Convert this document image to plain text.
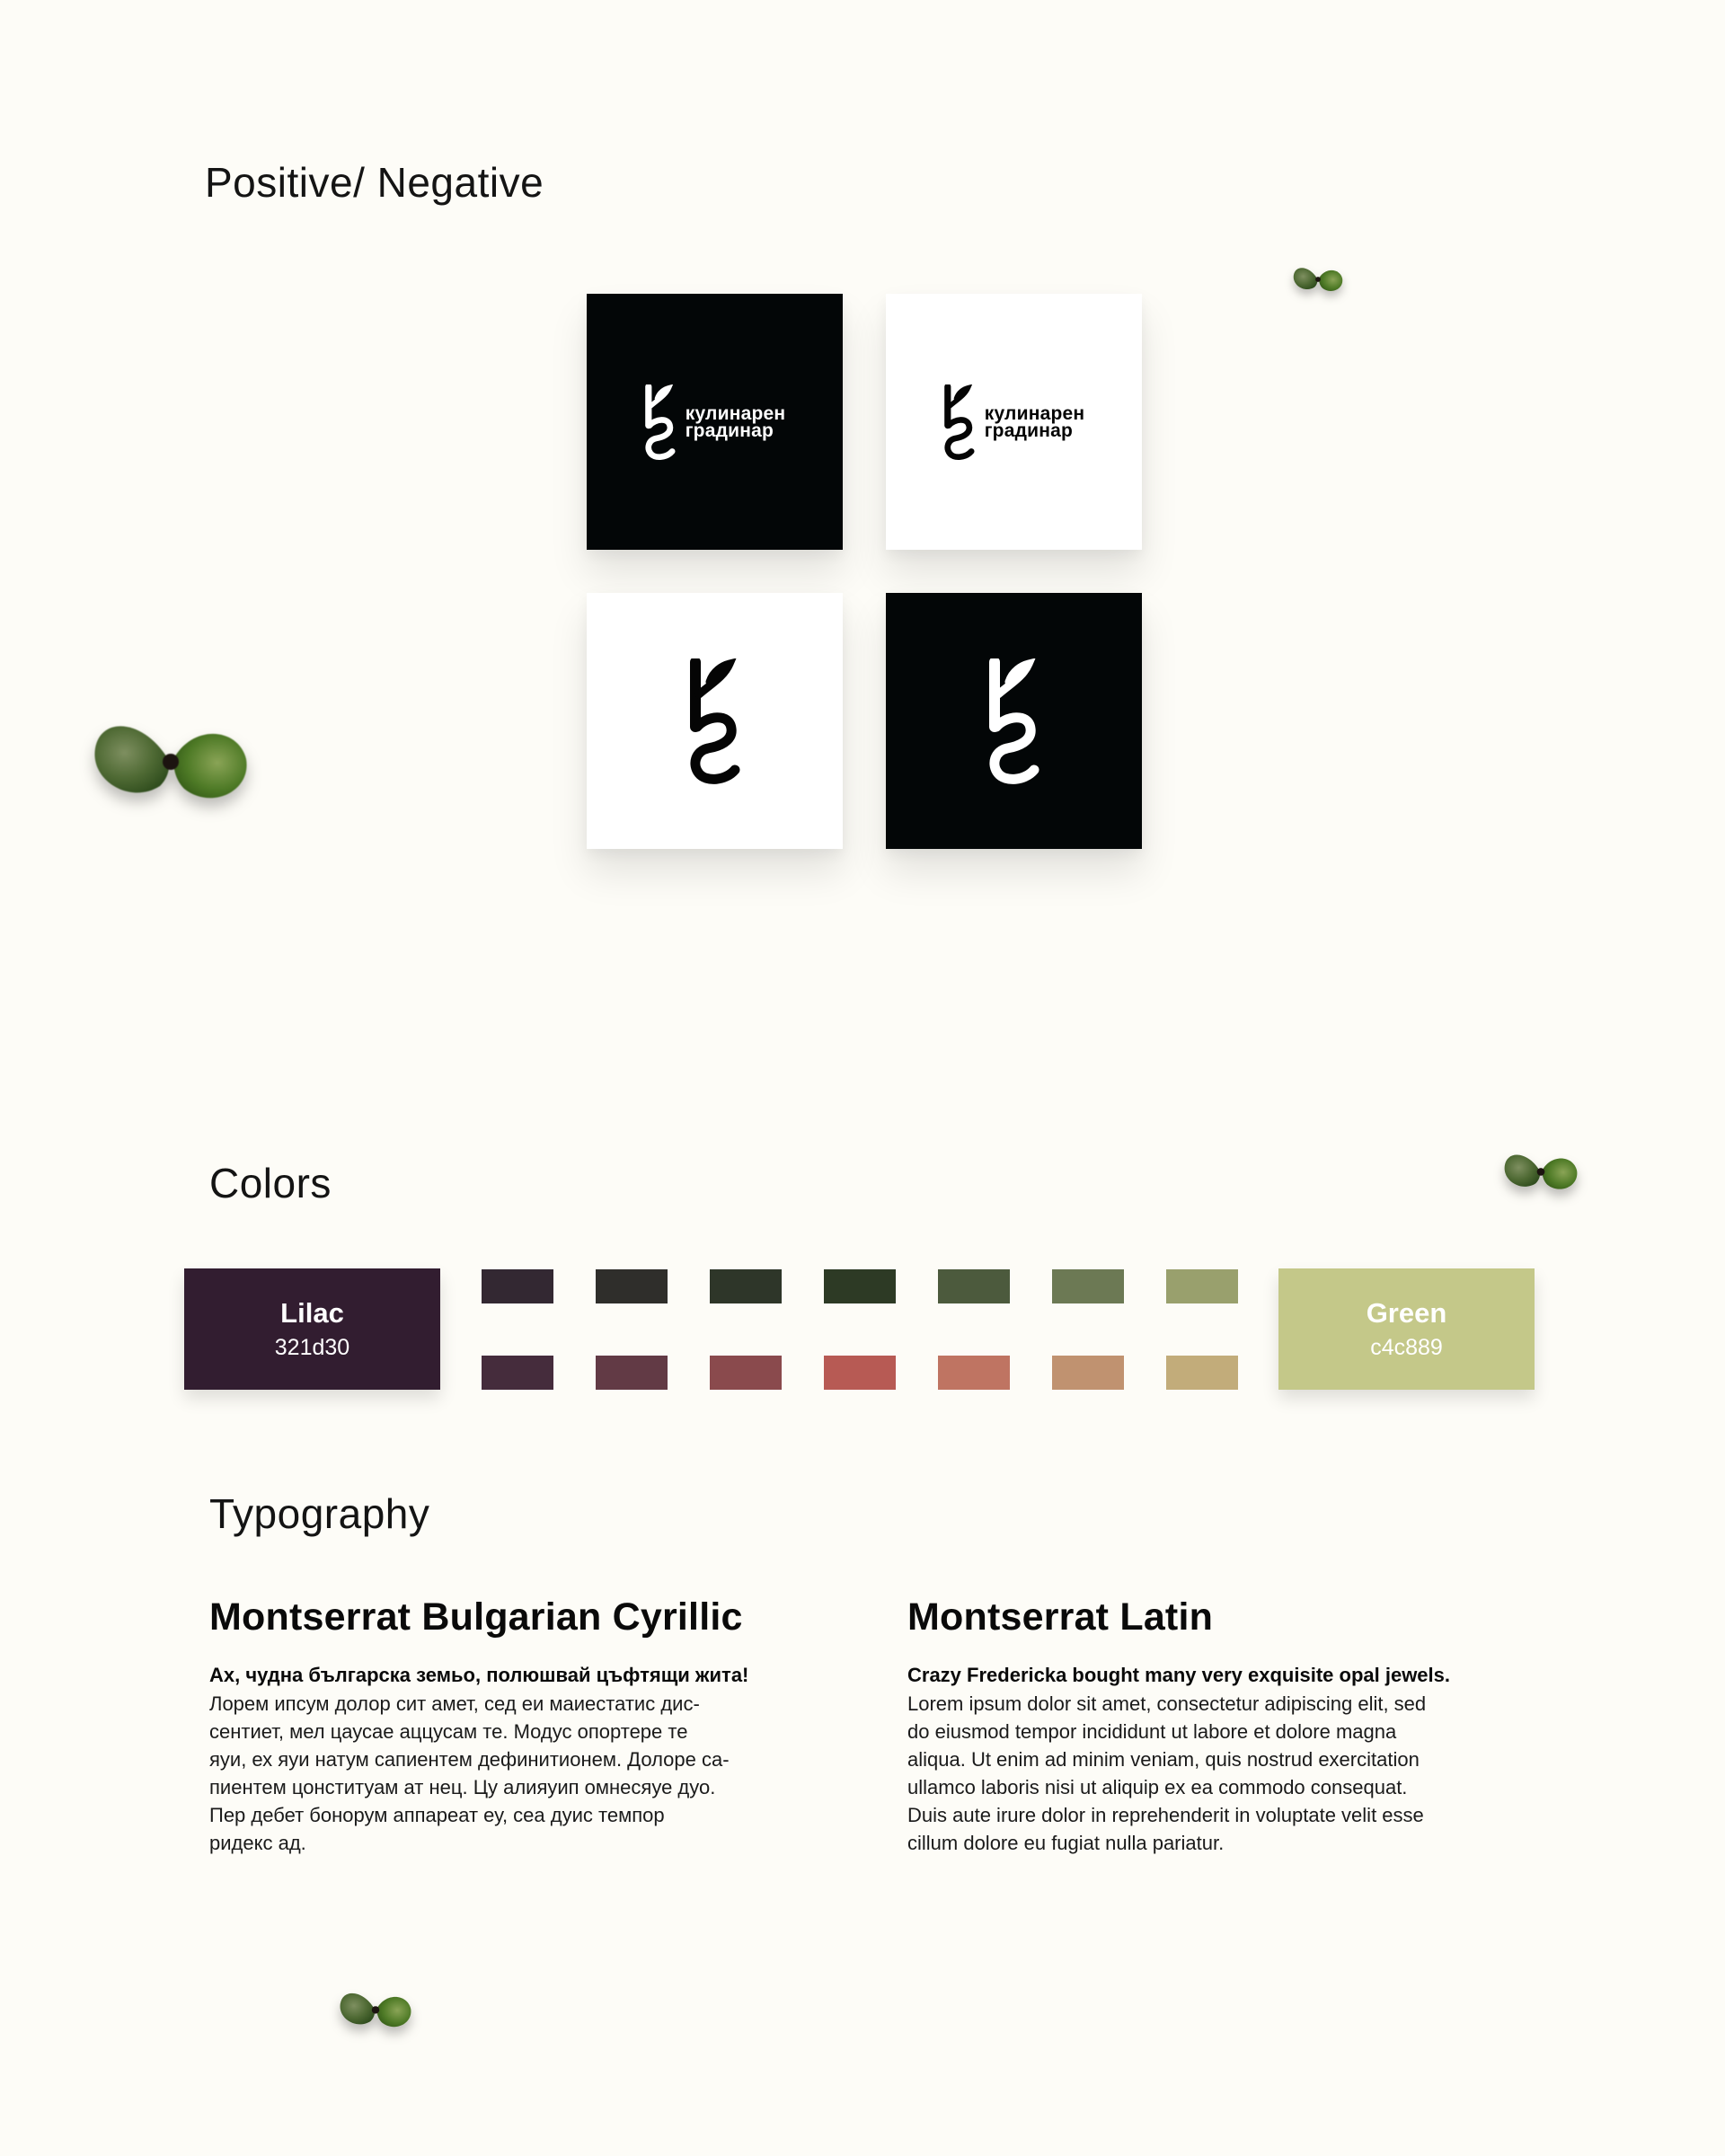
Positive/ Negative
кулинарен
градинар
кулинарен
градинар
Colors
Lilac
321d30
Green
c4c889
Typography
Montserrat Bulgarian Cyrillic
Ах, чудна българска земьо, полюшвай цъфтящи жита!
Лорем ипсум долор сит амет, сед еи маиестатис дис-
сентиет, мел цаусае аццусам те. Модус опортере те
яуи, ех яуи натум сапиентем дефинитионем. Долоре са-
пиентем цонституам ат нец. Цу алияуип омнесяуе дуо.
Пер дебет бонорум аппареат еу, сеа дуис темпор
ридекс ад.
Montserrat Latin
Crazy Fredericka bought many very exquisite opal jewels.
Lorem ipsum dolor sit amet, consectetur adipiscing elit, sed
do eiusmod tempor incididunt ut labore et dolore magna
aliqua. Ut enim ad minim veniam, quis nostrud exercitation
ullamco laboris nisi ut aliquip ex ea commodo consequat.
Duis aute irure dolor in reprehenderit in voluptate velit esse
cillum dolore eu fugiat nulla pariatur.
